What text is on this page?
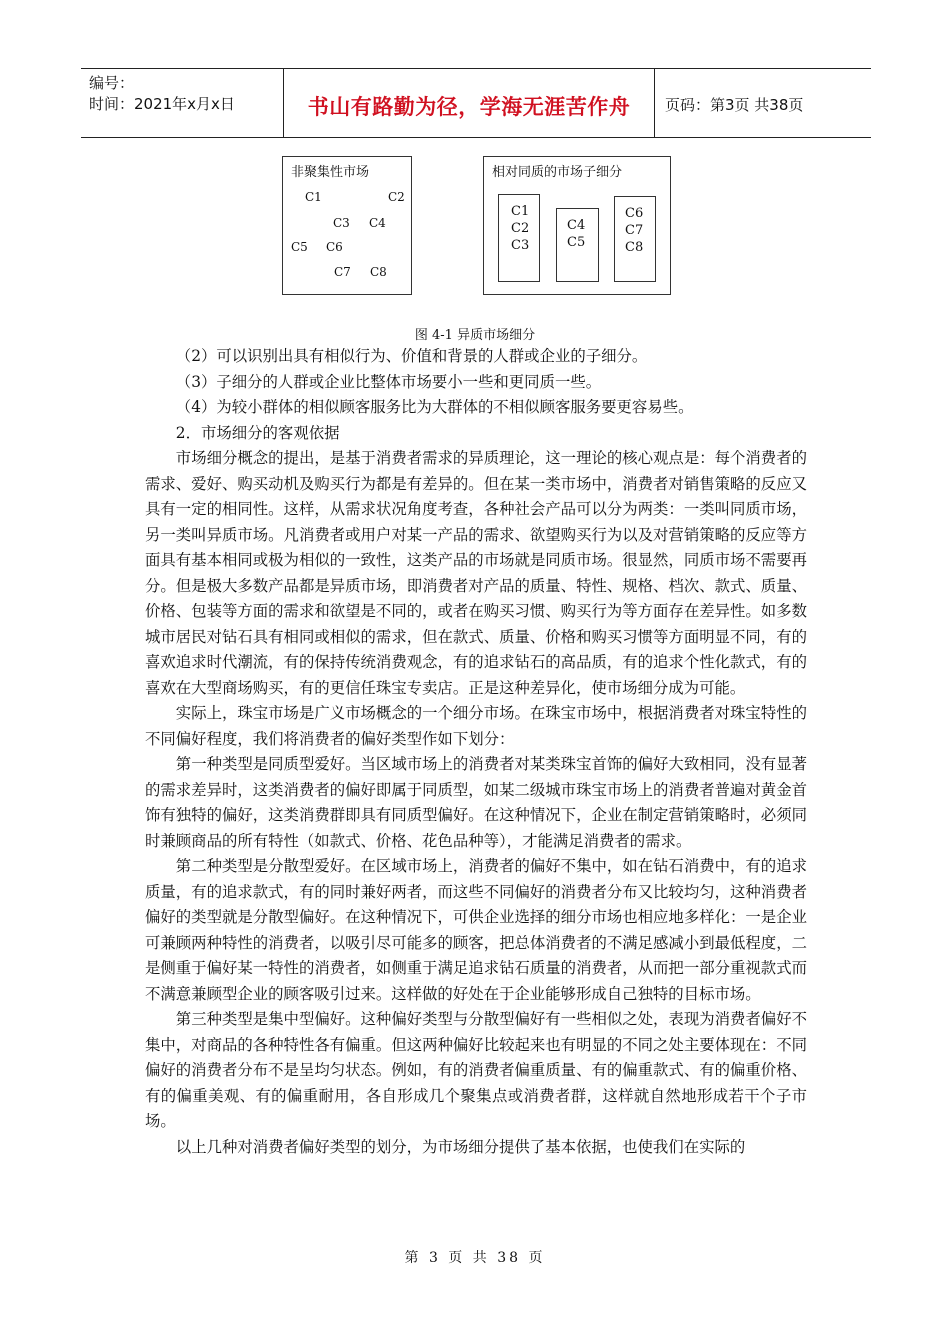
编号：
时间：2021年x月x日	书山有路勤为径，学海无涯苦作舟	页码：第3页 共38页
非聚集性市场
C1	C2
C3 C4
C5 C6
C7 C8
相对同质的市场子细分
C1
C2
C3
C4
C5
C6
C7
C8
图 4-1 异质市场细分

（2）可以识别出具有相似行为、价值和背景的人群或企业的子细分。

（3）子细分的人群或企业比整体市场要小一些和更同质一些。

（4）为较小群体的相似顾客服务比为大群体的不相似顾客服务要更容易些。

2．市场细分的客观依据

市场细分概念的提出，是基于消费者需求的异质理论，这一理论的核心观点是：每个消费者的需求、爱好、购买动机及购买行为都是有差异的。但在某一类市场中，消费者对销售策略的反应又具有一定的相同性。这样，从需求状况角度考查，各种社会产品可以分为两类：一类叫同质市场，另一类叫异质市场。凡消费者或用户对某一产品的需求、欲望购买行为以及对营销策略的反应等方面具有基本相同或极为相似的一致性，这类产品的市场就是同质市场。很显然，同质市场不需要再分。但是极大多数产品都是异质市场，即消费者对产品的质量、特性、规格、档次、款式、质量、价格、包装等方面的需求和欲望是不同的，或者在购买习惯、购买行为等方面存在差异性。如多数城市居民对钻石具有相同或相似的需求，但在款式、质量、价格和购买习惯等方面明显不同，有的喜欢追求时代潮流，有的保持传统消费观念，有的追求钻石的高品质，有的追求个性化款式，有的喜欢在大型商场购买，有的更信任珠宝专卖店。正是这种差异化，使市场细分成为可能。

实际上，珠宝市场是广义市场概念的一个细分市场。在珠宝市场中，根据消费者对珠宝特性的不同偏好程度，我们将消费者的偏好类型作如下划分：

第一种类型是同质型爱好。当区域市场上的消费者对某类珠宝首饰的偏好大致相同，没有显著的需求差异时，这类消费者的偏好即属于同质型，如某二级城市珠宝市场上的消费者普遍对黄金首饰有独特的偏好，这类消费群即具有同质型偏好。在这种情况下，企业在制定营销策略时，必须同时兼顾商品的所有特性（如款式、价格、花色品种等），才能满足消费者的需求。

第二种类型是分散型爱好。在区域市场上，消费者的偏好不集中，如在钻石消费中，有的追求质量，有的追求款式，有的同时兼好两者，而这些不同偏好的消费者分布又比较均匀，这种消费者偏好的类型就是分散型偏好。在这种情况下，可供企业选择的细分市场也相应地多样化：一是企业可兼顾两种特性的消费者，以吸引尽可能多的顾客，把总体消费者的不满足感减小到最低程度，二是侧重于偏好某一特性的消费者，如侧重于满足追求钻石质量的消费者，从而把一部分重视款式而不满意兼顾型企业的顾客吸引过来。这样做的好处在于企业能够形成自己独特的目标市场。

第三种类型是集中型偏好。这种偏好类型与分散型偏好有一些相似之处，表现为消费者偏好不集中，对商品的各种特性各有偏重。但这两种偏好比较起来也有明显的不同之处主要体现在：不同偏好的消费者分布不是呈均匀状态。例如，有的消费者偏重质量、有的偏重款式、有的偏重价格、有的偏重美观、有的偏重耐用，各自形成几个聚集点或消费者群，这样就自然地形成若干个子市场。

以上几种对消费者偏好类型的划分，为市场细分提供了基本依据，也使我们在实际的

第 3 页 共 38 页
